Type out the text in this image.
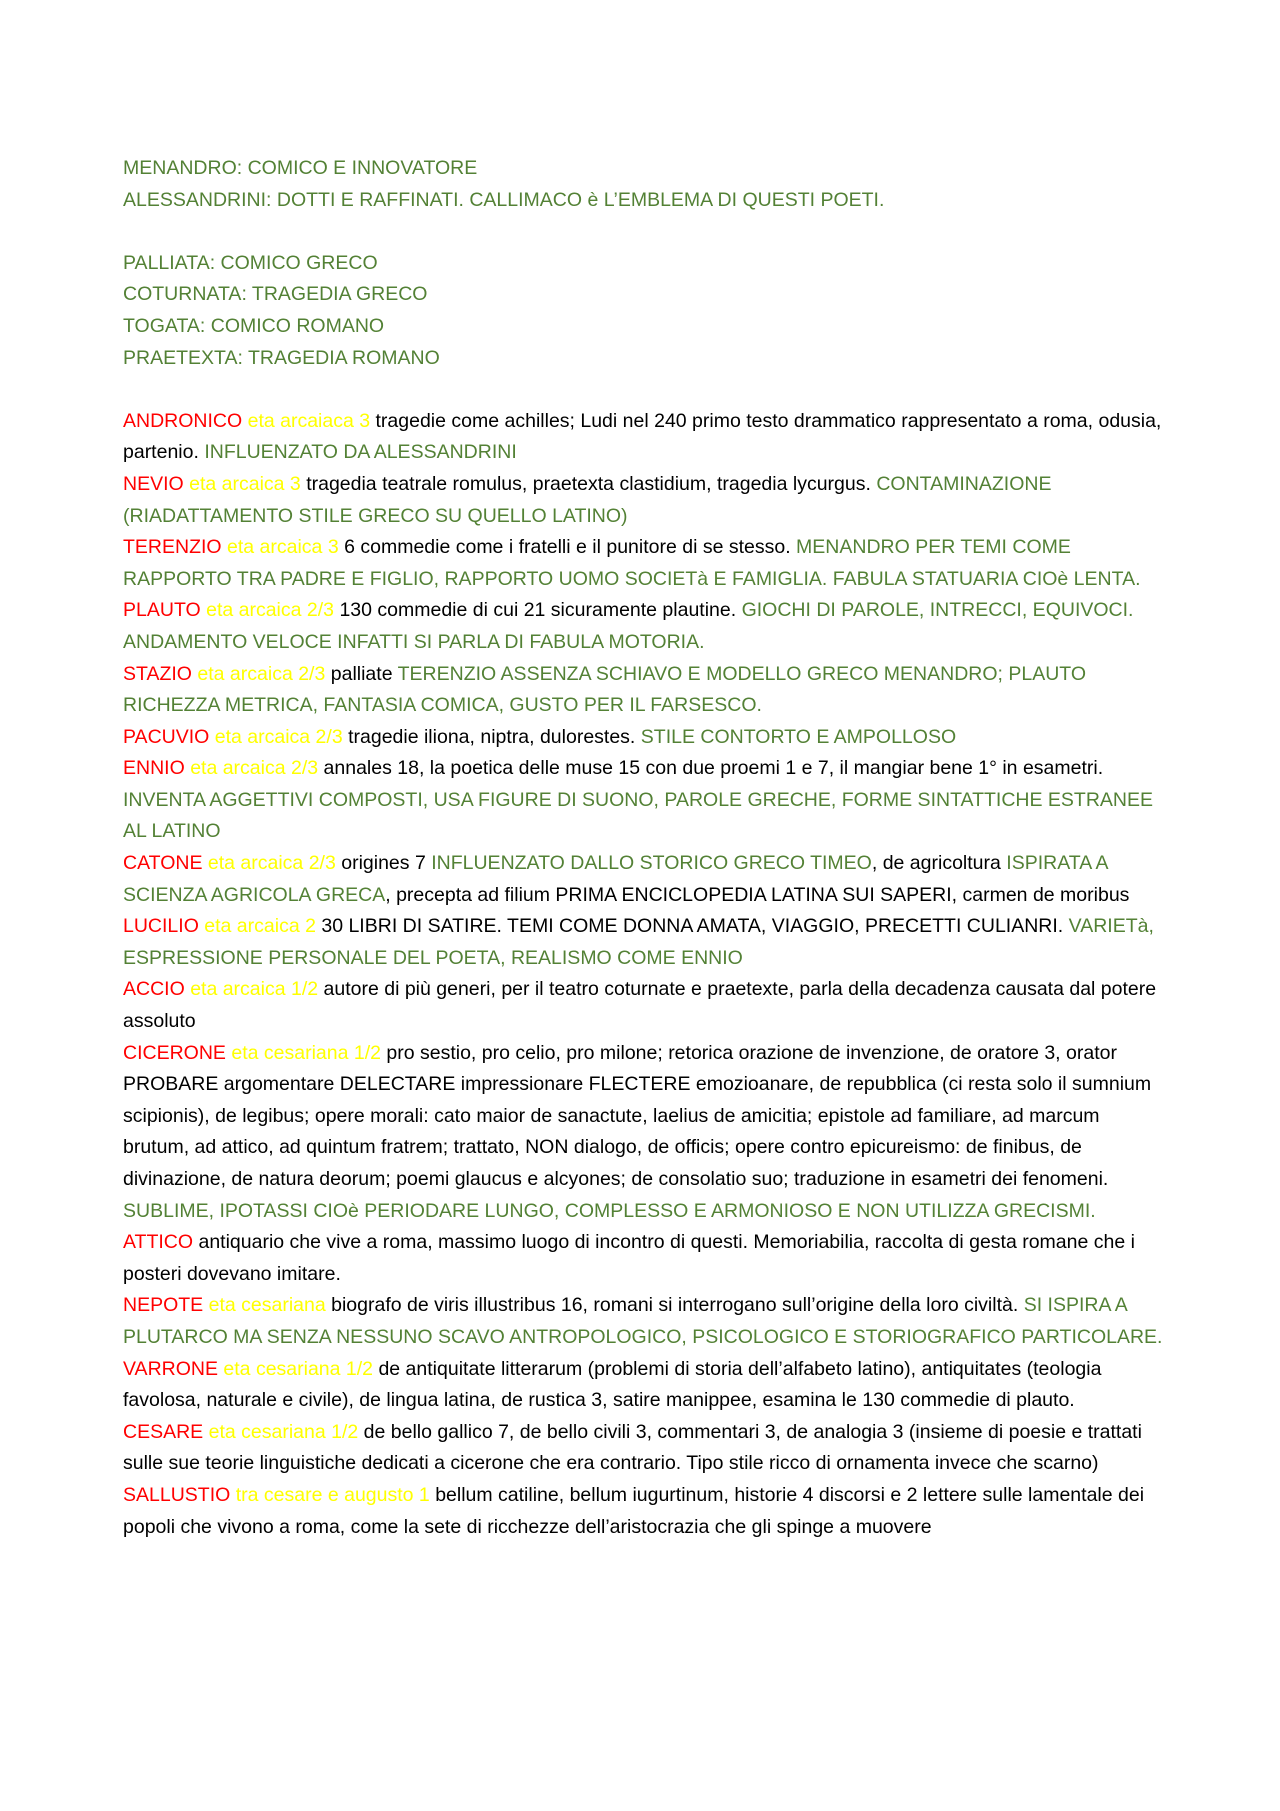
MENANDRO: COMICO E INNOVATORE

ALESSANDRINI: DOTTI E RAFFINATI. CALLIMACO è L’EMBLEMA DI QUESTI POETI.

PALLIATA: COMICO GRECO

COTURNATA: TRAGEDIA GRECO

TOGATA: COMICO ROMANO

PRAETEXTA: TRAGEDIA ROMANO

ANDRONICO eta arcaiaca 3 tragedie come achilles; Ludi nel 240 primo testo drammatico rappresentato a roma, odusia, partenio. INFLUENZATO DA ALESSANDRINI

NEVIO eta arcaica 3 tragedia teatrale romulus, praetexta clastidium, tragedia lycurgus. CONTAMINAZIONE (RIADATTAMENTO STILE GRECO SU QUELLO LATINO)

TERENZIO eta arcaica 3 6 commedie come i fratelli e il punitore di se stesso. MENANDRO PER TEMI COME RAPPORTO TRA PADRE E FIGLIO, RAPPORTO UOMO SOCIETà E FAMIGLIA. FABULA STATUARIA CIOè LENTA.

PLAUTO eta arcaica 2/3 130 commedie di cui 21 sicuramente plautine. GIOCHI DI PAROLE, INTRECCI, EQUIVOCI. ANDAMENTO VELOCE INFATTI SI PARLA DI FABULA MOTORIA.

STAZIO eta arcaica 2/3 palliate TERENZIO ASSENZA SCHIAVO E MODELLO GRECO MENANDRO; PLAUTO RICHEZZA METRICA, FANTASIA COMICA, GUSTO PER IL FARSESCO.

PACUVIO eta arcaica 2/3 tragedie iliona, niptra, dulorestes. STILE CONTORTO E AMPOLLOSO

ENNIO eta arcaica 2/3 annales 18, la poetica delle muse 15 con due proemi 1 e 7, il mangiar bene 1° in esametri. INVENTA AGGETTIVI COMPOSTI, USA FIGURE DI SUONO, PAROLE GRECHE, FORME SINTATTICHE ESTRANEE AL LATINO

CATONE eta arcaica 2/3 origines 7 INFLUENZATO DALLO STORICO GRECO TIMEO, de agricoltura ISPIRATA A SCIENZA AGRICOLA GRECA, precepta ad filium PRIMA ENCICLOPEDIA LATINA SUI SAPERI, carmen de moribus

LUCILIO eta arcaica 2 30 LIBRI DI SATIRE. TEMI COME DONNA AMATA, VIAGGIO, PRECETTI CULIANRI. VARIETà, ESPRESSIONE PERSONALE DEL POETA, REALISMO COME ENNIO

ACCIO eta arcaica 1/2 autore di più generi, per il teatro coturnate e praetexte, parla della decadenza causata dal potere assoluto

CICERONE eta cesariana 1/2 pro sestio, pro celio, pro milone; retorica orazione de invenzione, de oratore 3, orator PROBARE argomentare DELECTARE impressionare FLECTERE emozioanare, de repubblica (ci resta solo il sumnium scipionis), de legibus; opere morali: cato maior de sanactute, laelius de amicitia; epistole ad familiare, ad marcum brutum, ad attico, ad quintum fratrem; trattato, NON dialogo, de officis; opere contro epicureismo: de finibus, de divinazione, de natura deorum; poemi glaucus e alcyones; de consolatio suo; traduzione in esametri dei fenomeni. SUBLIME, IPOTASSI CIOè PERIODARE LUNGO, COMPLESSO E ARMONIOSO E NON UTILIZZA GRECISMI.

ATTICO antiquario che vive a roma, massimo luogo di incontro di questi. Memoriabilia, raccolta di gesta romane che i posteri dovevano imitare.

NEPOTE eta cesariana biografo de viris illustribus 16, romani si interrogano sull’origine della loro civiltà. SI ISPIRA A PLUTARCO MA SENZA NESSUNO SCAVO ANTROPOLOGICO, PSICOLOGICO E STORIOGRAFICO PARTICOLARE.

VARRONE eta cesariana 1/2 de antiquitate litterarum (problemi di storia dell’alfabeto latino), antiquitates (teologia favolosa, naturale e civile), de lingua latina, de rustica 3, satire manippee, esamina le 130 commedie di plauto.

CESARE eta cesariana 1/2 de bello gallico 7, de bello civili 3, commentari 3, de analogia 3 (insieme di poesie e trattati sulle sue teorie linguistiche dedicati a cicerone che era contrario. Tipo stile ricco di ornamenta invece che scarno)

SALLUSTIO tra cesare e augusto 1 bellum catiline, bellum iugurtinum, historie 4 discorsi e 2 lettere sulle lamentale dei popoli che vivono a roma, come la sete di ricchezze dell’aristocrazia che gli spinge a muovere
